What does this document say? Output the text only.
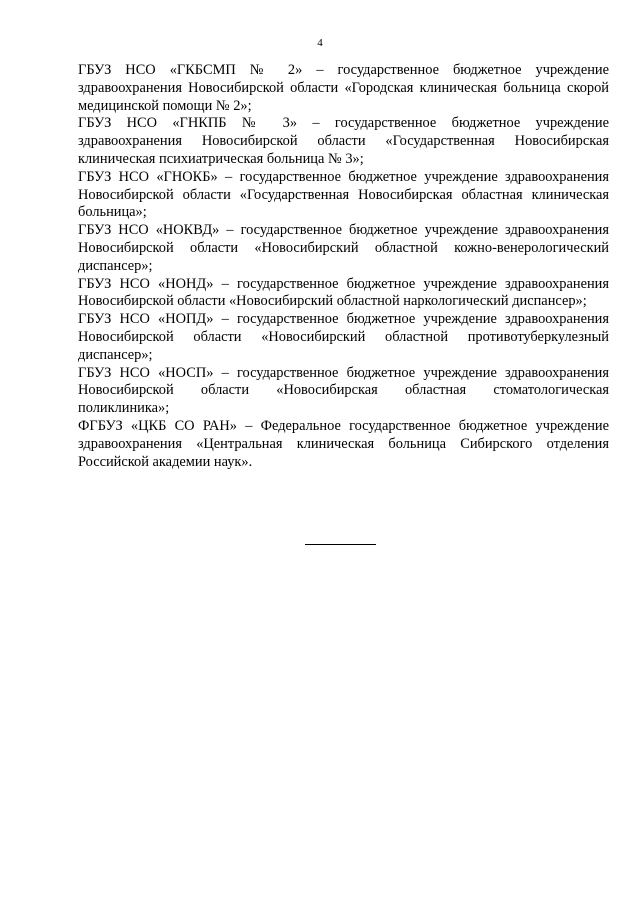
4

ГБУЗ НСО «ГКБСМП № 2» – государственное бюджетное учреждение здравоохранения Новосибирской области «Городская клиническая больница скорой медицинской помощи № 2»;

ГБУЗ НСО «ГНКПБ № 3» – государственное бюджетное учреждение здравоохранения Новосибирской области «Государственная Новосибирская клиническая психиатрическая больница № 3»;

ГБУЗ НСО «ГНОКБ» – государственное бюджетное учреждение здравоохранения Новосибирской области «Государственная Новосибирская областная клиническая больница»;

ГБУЗ НСО «НОКВД» – государственное бюджетное учреждение здравоохранения Новосибирской области «Новосибирский областной кожно-венерологический диспансер»;

ГБУЗ НСО «НОНД» – государственное бюджетное учреждение здравоохранения Новосибирской области «Новосибирский областной наркологический диспансер»;

ГБУЗ НСО «НОПД» – государственное бюджетное учреждение здравоохранения Новосибирской области «Новосибирский областной противотуберкулезный диспансер»;

ГБУЗ НСО «НОСП» – государственное бюджетное учреждение здравоохранения Новосибирской области «Новосибирская областная стоматологическая поликлиника»;

ФГБУЗ «ЦКБ СО РАН» – Федеральное государственное бюджетное учреждение здравоохранения «Центральная клиническая больница Сибирского отделения Российской академии наук».
